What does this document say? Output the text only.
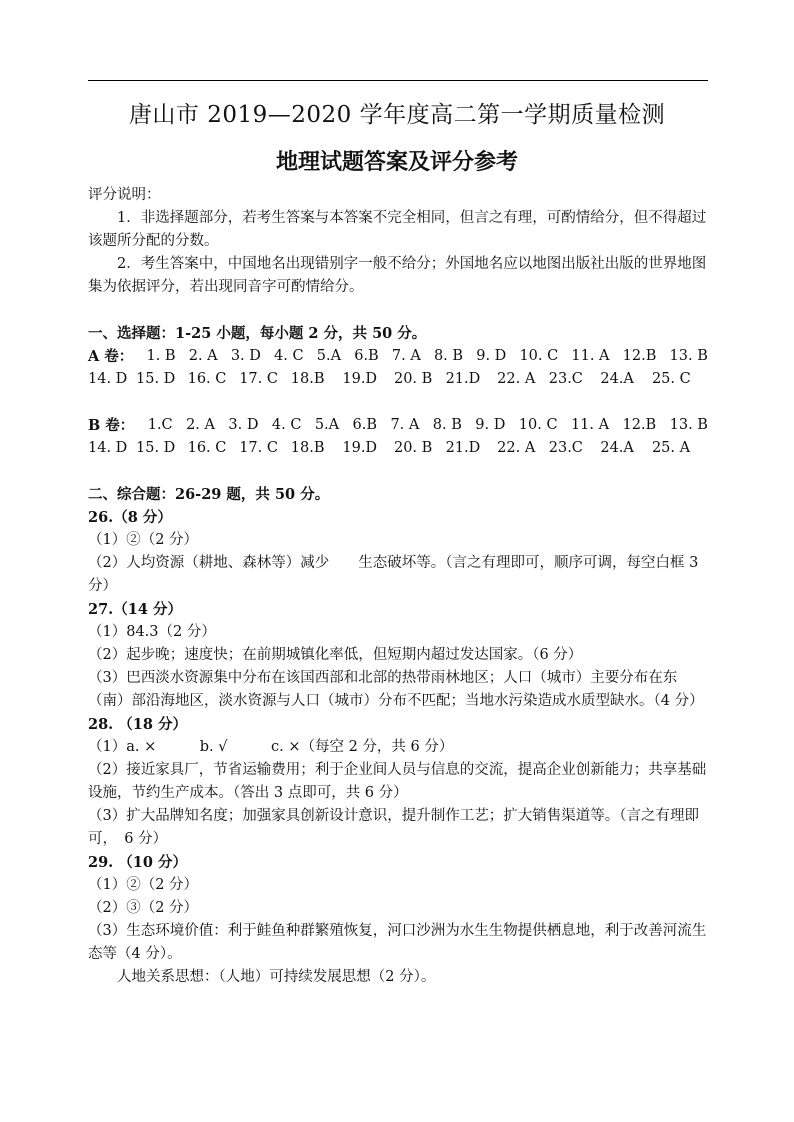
唐山市 2019—2020 学年度高二第一学期质量检测
地理试题答案及评分参考

评分说明：

1．非选择题部分，若考生答案与本答案不完全相同，但言之有理，可酌情给分，但不得超过该题所分配的分数。

2．考生答案中，中国地名出现错别字一般不给分；外国地名应以地图出版社出版的世界地图集为依据评分，若出现同音字可酌情给分。

一、选择题：1-25 小题，每小题 2 分，共 50 分。

A 卷： 1. B 2. A 3. D 4. C 5.A 6.B 7. A 8. B 9. D 10. C 11. A 12.B 13. B
14. D 15. D 16. C 17. C 18.B	19.D	20. B 21.D	22. A 23.C	24.A	25. C
B 卷： 1.C 2. A 3. D 4. C 5.A 6.B 7. A 8. B 9. D 10. C 11. A 12.B 13. B
14. D 15. D 16. C 17. C 18.B	19.D	20. B 21.D	22. A 23.C	24.A	25. A

二、综合题：26-29 题，共 50 分。

26.（8 分）

（1）②（2 分）

（2）人均资源（耕地、森林等）减少　　生态破坏等。（言之有理即可，顺序可调，每空白框 3 分）

27.（14 分）

（1）84.3（2 分）

（2）起步晚；速度快；在前期城镇化率低，但短期内超过发达国家。（6 分）

（3）巴西淡水资源集中分布在该国西部和北部的热带雨林地区；人口（城市）主要分布在东（南）部沿海地区，淡水资源与人口（城市）分布不匹配；当地水污染造成水质型缺水。（4 分）

28. （18 分）

（1）a. ×　　　b. √　　　c. ×（每空 2 分，共 6 分）

（2）接近家具厂，节省运输费用；利于企业间人员与信息的交流，提高企业创新能力；共享基础设施，节约生产成本。（答出 3 点即可，共 6 分）

（3）扩大品牌知名度；加强家具创新设计意识，提升制作工艺；扩大销售渠道等。（言之有理即可，　6 分）

29. （10 分）

（1）②（2 分）

（2）③（2 分）

（3）生态环境价值：利于鲑鱼种群繁殖恢复，河口沙洲为水生生物提供栖息地，利于改善河流生态等（4 分）。

人地关系思想：（人地）可持续发展思想（2 分）。
